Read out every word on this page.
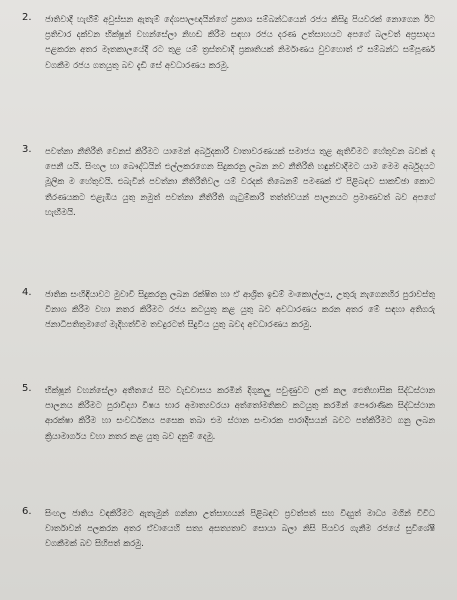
2. ජාතිවාදී හැඟීම් අවුස්සන ඇතැම් දේශපාලඥයින්ගේ ප්‍රකාශ සම්බන්ධයෙන් රජය කිසිදු පියවරක් නොගෙන ඊට ප්‍රතිචාර දක්වන භික්ෂූන් වහන්සේලා නිහඬ කිරීම සඳහා රජය දරණ උත්සාහයට අපගේ බලවත් අප්‍රසාදය පළකරන අතර මෑතකාලයේදී රට තුළ යම් ත්‍රස්තවාදී ප්‍රකෘතියක් නිර්මාණය වුවහොත් ඒ සම්බන්ධ සම්පූර්ණ වගකීම රජය ගතයුතු බව දැඩි සේ අවධාරණය කරමු.
3. පවත්නා නීතිරීති වෙනස් කිරීමට යාමෙන් අර්බුදකාරී වාතාවරණයක් සමාජය තුළ ඇතිවීමට හේතුවන බවක් ද පෙනී යයි. සිංහල හා බෞද්ධයින් එල්ලකරගෙන සිදුකරනු ලබන නව නීතිරීති හඳුන්වාදීමට යාම මෙම අර්බුදයට මූලික ම හේතුවයි. එබැවින් පවත්නා නීතිරීතිවල යම් වරදක් තිබෙනම් පමණක් ඒ පිළිබඳව සාකච්ඡා කොට තීරණයකට එළැඹිය යුතු නමුත් පවත්නා නීතිරීති ගැටුම්කාරී තත්ත්වයන් පාලනයට ප්‍රමාණවත් බව අපගේ හැඟීමයි.
4. ජාතික සංහිඳියාවට මුවාවී සිදුකරනු ලබන රක්ෂිත හා ඒ ආශ්‍රිත ඉඩම් මංකොල්ලය, උතුරු නැගෙනහිර පුරාවස්තු විනාශ කිරීම වහා නතර කිරීමට රජය කටයුතු කළ යුතු බව අවධාරණය කරන අතර මේ සඳහා අතිගරු ජනාධිපතිතුමාගේ මැදිහත්වීම තවදුරටත් සිදුවිය යුතු බවද අවධාරණය කරමු.
5. භික්ෂූන් වහන්සේලා අතීතයේ සිට වැඩවාසය කරමින් දිගුකලු පවුණුවට ලක් කල ඓතිහාසික සිද්ධස්ථාන පාලනය කිරීමට පුරාවිද්‍යා විෂය භාර අමාත්‍යවරයා අත්තෝමතිකව කටයුතු කරමින් පෞරාණික සිද්ධස්ථාන ආරක්ෂා කිරීම හා සංවර්ධනය පසෙක තබා එම ස්ථාන සංචාරක පාරාදීසයන් බවට පත්කිරීමට ගනු ලබන ක්‍රියාමාර්ගය වහා නතර කළ යුතු බව දනුම් දෙමු.
6. සිංහල ජාතිය වඳකිරීමට ඇතැමුන් ගන්නා උත්සාහයන් පිළිබඳව ප්‍රවත්පත් සහ විද්‍යුත් මාධ්‍ය මගින් විවිධ වාර්තාවන් පලකරන අතර ඒවායෙහි සත්‍ය අසත්‍යතාව සොයා බලා නිසි පියවර ගැනීම රජයේ සුවිශේෂී වගකීමක් බව සිහිපත් කරමු.
